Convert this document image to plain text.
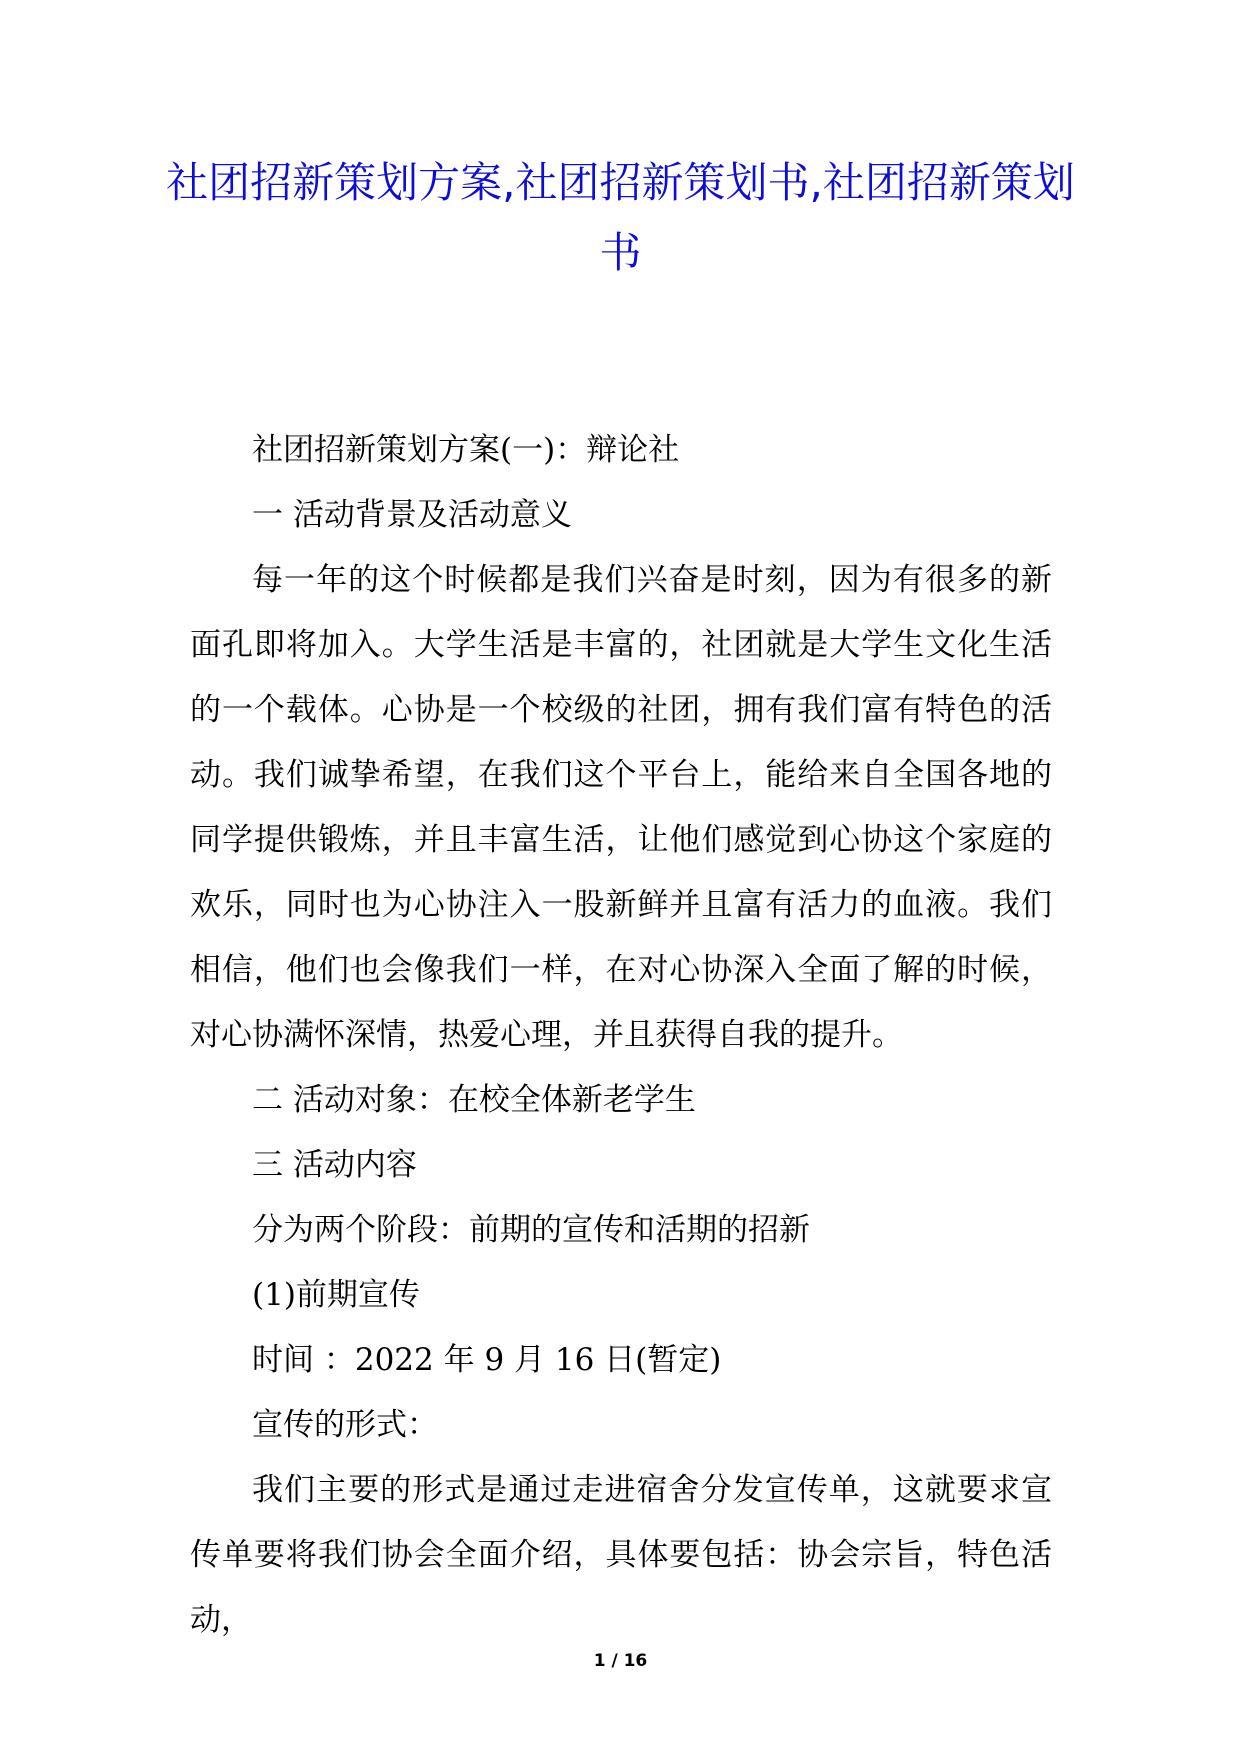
社团招新策划方案,社团招新策划书,社团招新策划书

社团招新策划方案(一)：辩论社

一 活动背景及活动意义

每一年的这个时候都是我们兴奋是时刻，因为有很多的新面孔即将加入。大学生活是丰富的，社团就是大学生文化生活的一个载体。心协是一个校级的社团，拥有我们富有特色的活动。我们诚挚希望，在我们这个平台上，能给来自全国各地的同学提供锻炼，并且丰富生活，让他们感觉到心协这个家庭的欢乐，同时也为心协注入一股新鲜并且富有活力的血液。我们相信，他们也会像我们一样，在对心协深入全面了解的时候，对心协满怀深情，热爱心理，并且获得自我的提升。

二 活动对象：在校全体新老学生

三 活动内容

分为两个阶段：前期的宣传和活期的招新

(1)前期宣传

时间 ：2022 年 9 月 16 日(暂定)

宣传的形式：

我们主要的形式是通过走进宿舍分发宣传单，这就要求宣传单要将我们协会全面介绍，具体要包括：协会宗旨，特色活动，

1 / 16
